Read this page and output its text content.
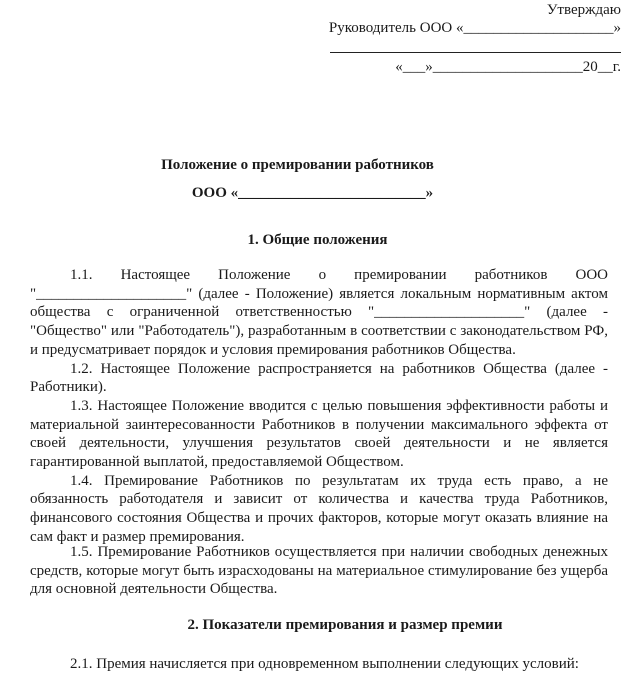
Утверждаю
Руководитель ООО «____________________»
«___»____________________20__г.
Положение о премировании работников
ООО «_________________________»
1. Общие положения

1.1. Настоящее Положение о премировании работников ООО "____________________" (далее - Положение) является локальным нормативным актом общества с ограниченной ответственностью "____________________" (далее - "Общество" или "Работодатель"), разработанным в соответствии с законодательством РФ, и предусматривает порядок и условия премирования работников Общества.

1.2. Настоящее Положение распространяется на работников Общества (далее - Работники).

1.3. Настоящее Положение вводится с целью повышения эффективности работы и материальной заинтересованности Работников в получении максимального эффекта от своей деятельности, улучшения результатов своей деятельности и не является гарантированной выплатой, предоставляемой Обществом.

1.4. Премирование Работников по результатам их труда есть право, а не обязанность работодателя и зависит от количества и качества труда Работников, финансового состояния Общества и прочих факторов, которые могут оказать влияние на сам факт и размер премирования.

1.5. Премирование Работников осуществляется при наличии свободных денежных средств, которые могут быть израсходованы на материальное стимулирование без ущерба для основной деятельности Общества.

2. Показатели премирования и размер премии

2.1. Премия начисляется при одновременном выполнении следующих условий:
